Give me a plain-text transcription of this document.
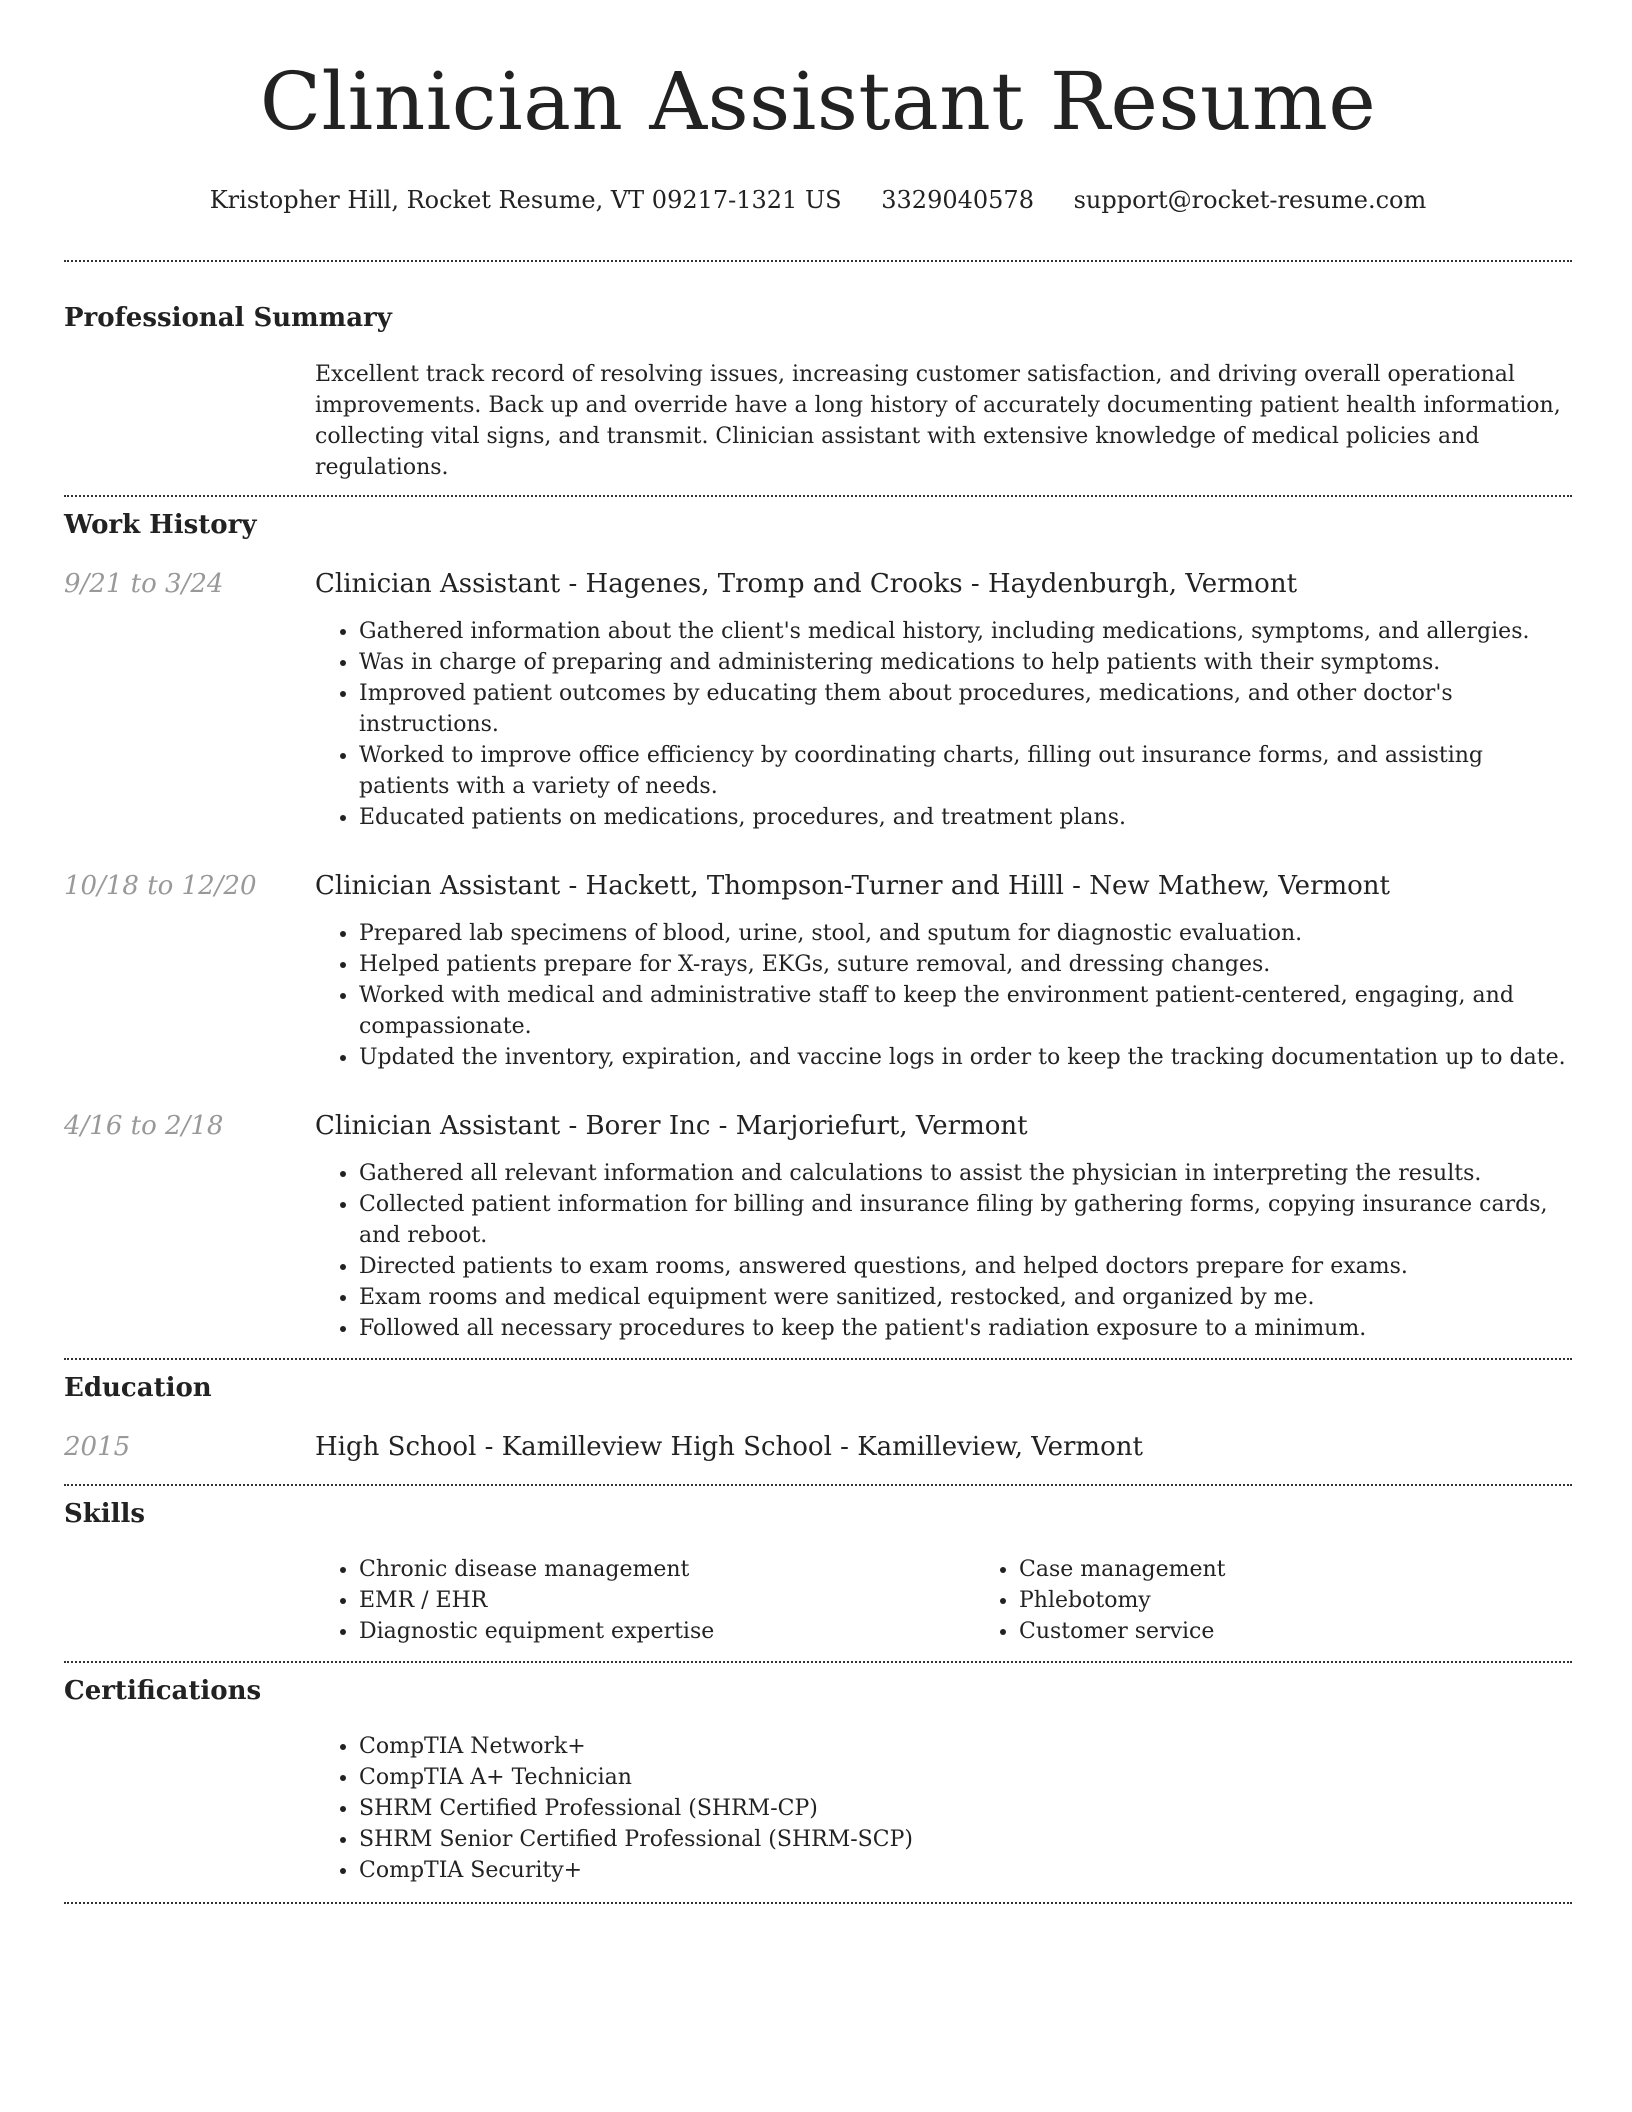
Clinician Assistant Resume
Kristopher Hill, Rocket Resume, VT 09217-1321 US 3329040578 support@rocket-resume.com
Professional Summary
Excellent track record of resolving issues, increasing customer satisfaction, and driving overall operational improvements. Back up and override have a long history of accurately documenting patient health information, collecting vital signs, and transmit. Clinician assistant with extensive knowledge of medical policies and regulations.
Work History
9/21 to 3/24	Clinician Assistant - Hagenes, Tromp and Crooks - Haydenburgh, Vermont
• Gathered information about the client's medical history, including medications, symptoms, and allergies.
• Was in charge of preparing and administering medications to help patients with their symptoms.
• Improved patient outcomes by educating them about procedures, medications, and other doctor's instructions.
• Worked to improve office efficiency by coordinating charts, filling out insurance forms, and assisting patients with a variety of needs.
• Educated patients on medications, procedures, and treatment plans.
10/18 to 12/20	Clinician Assistant - Hackett, Thompson-Turner and Hilll - New Mathew, Vermont
• Prepared lab specimens of blood, urine, stool, and sputum for diagnostic evaluation.
• Helped patients prepare for X-rays, EKGs, suture removal, and dressing changes.
• Worked with medical and administrative staff to keep the environment patient-centered, engaging, and compassionate.
• Updated the inventory, expiration, and vaccine logs in order to keep the tracking documentation up to date.
4/16 to 2/18	Clinician Assistant - Borer Inc - Marjoriefurt, Vermont
• Gathered all relevant information and calculations to assist the physician in interpreting the results.
• Collected patient information for billing and insurance filing by gathering forms, copying insurance cards, and reboot.
• Directed patients to exam rooms, answered questions, and helped doctors prepare for exams.
• Exam rooms and medical equipment were sanitized, restocked, and organized by me.
• Followed all necessary procedures to keep the patient's radiation exposure to a minimum.
Education
2015	High School - Kamilleview High School - Kamilleview, Vermont
Skills
• Chronic disease management
• EMR / EHR
• Diagnostic equipment expertise
• Case management
• Phlebotomy
• Customer service
Certifications
• CompTIA Network+
• CompTIA A+ Technician
• SHRM Certified Professional (SHRM-CP)
• SHRM Senior Certified Professional (SHRM-SCP)
• CompTIA Security+
